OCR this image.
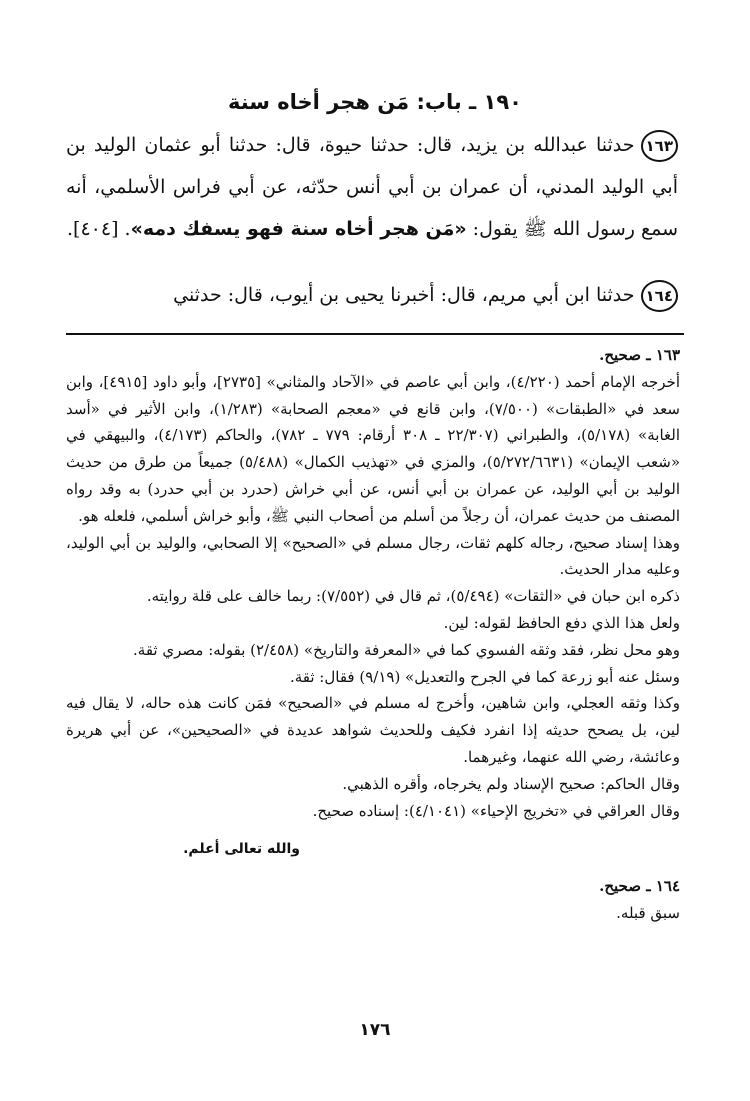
١٩٠ ـ باب: مَن هجر أخاه سنة
١٦٣حدثنا عبدالله بن يزيد، قال: حدثنا حيوة، قال: حدثنا أبو عثمان الوليد بن أبي الوليد المدني، أن عمران بن أبي أنس حدّثه، عن أبي فراس الأسلمي، أنه سمع رسول الله ﷺ يقول: «مَن هجر أخاه سنة فهو يسفك دمه». [٤٠٤].
١٦٤حدثنا ابن أبي مريم، قال: أخبرنا يحيى بن أيوب، قال: حدثني

١٦٣ ـ صحيح.

أخرجه الإمام أحمد (٤/٢٢٠)، وابن أبي عاصم في «الآحاد والمثاني» [٢٧٣٥]، وأبو داود [٤٩١٥]، وابن سعد في «الطبقات» (٧/٥٠٠)، وابن قانع في «معجم الصحابة» (١/٢٨٣)، وابن الأثير في «أسد الغابة» (٥/١٧٨)، والطبراني (٢٢/٣٠٧ ـ ٣٠٨ أرقام: ٧٧٩ ـ ٧٨٢)، والحاكم (٤/١٧٣)، والبيهقي في «شعب الإيمان» (٥/٢٧٢/٦٦٣١)، والمزي في «تهذيب الكمال» (٥/٤٨٨) جميعاً من طرق من حديث الوليد بن أبي الوليد، عن عمران بن أبي أنس، عن أبي خراش (حدرد بن أبي حدرد) به وقد رواه المصنف من حديث عمران، أن رجلاً من أسلم من أصحاب النبي ﷺ، وأبو خراش أسلمي، فلعله هو.

وهذا إسناد صحيح، رجاله كلهم ثقات، رجال مسلم في «الصحيح» إلا الصحابي، والوليد بن أبي الوليد، وعليه مدار الحديث.

ذكره ابن حبان في «الثقات» (٥/٤٩٤)، ثم قال في (٧/٥٥٢): ربما خالف على قلة روايته.

ولعل هذا الذي دفع الحافظ لقوله: لين.

وهو محل نظر، فقد وثقه الفسوي كما في «المعرفة والتاريخ» (٢/٤٥٨) بقوله: مصري ثقة.

وسئل عنه أبو زرعة كما في الجرح والتعديل» (٩/١٩) فقال: ثقة.

وكذا وثقه العجلي، وابن شاهين، وأخرج له مسلم في «الصحيح» فمَن كانت هذه حاله، لا يقال فيه لين، بل يصحح حديثه إذا انفرد فكيف وللحديث شواهد عديدة في «الصحيحين»، عن أبي هريرة وعائشة، رضي الله عنهما، وغيرهما.

وقال الحاكم: صحيح الإسناد ولم يخرجاه، وأقره الذهبي.

وقال العراقي في «تخريج الإحياء» (٤/١٠٤١): إسناده صحيح.

والله تعالى أعلم.

١٦٤ ـ صحيح.

سبق قبله.

١٧٦
